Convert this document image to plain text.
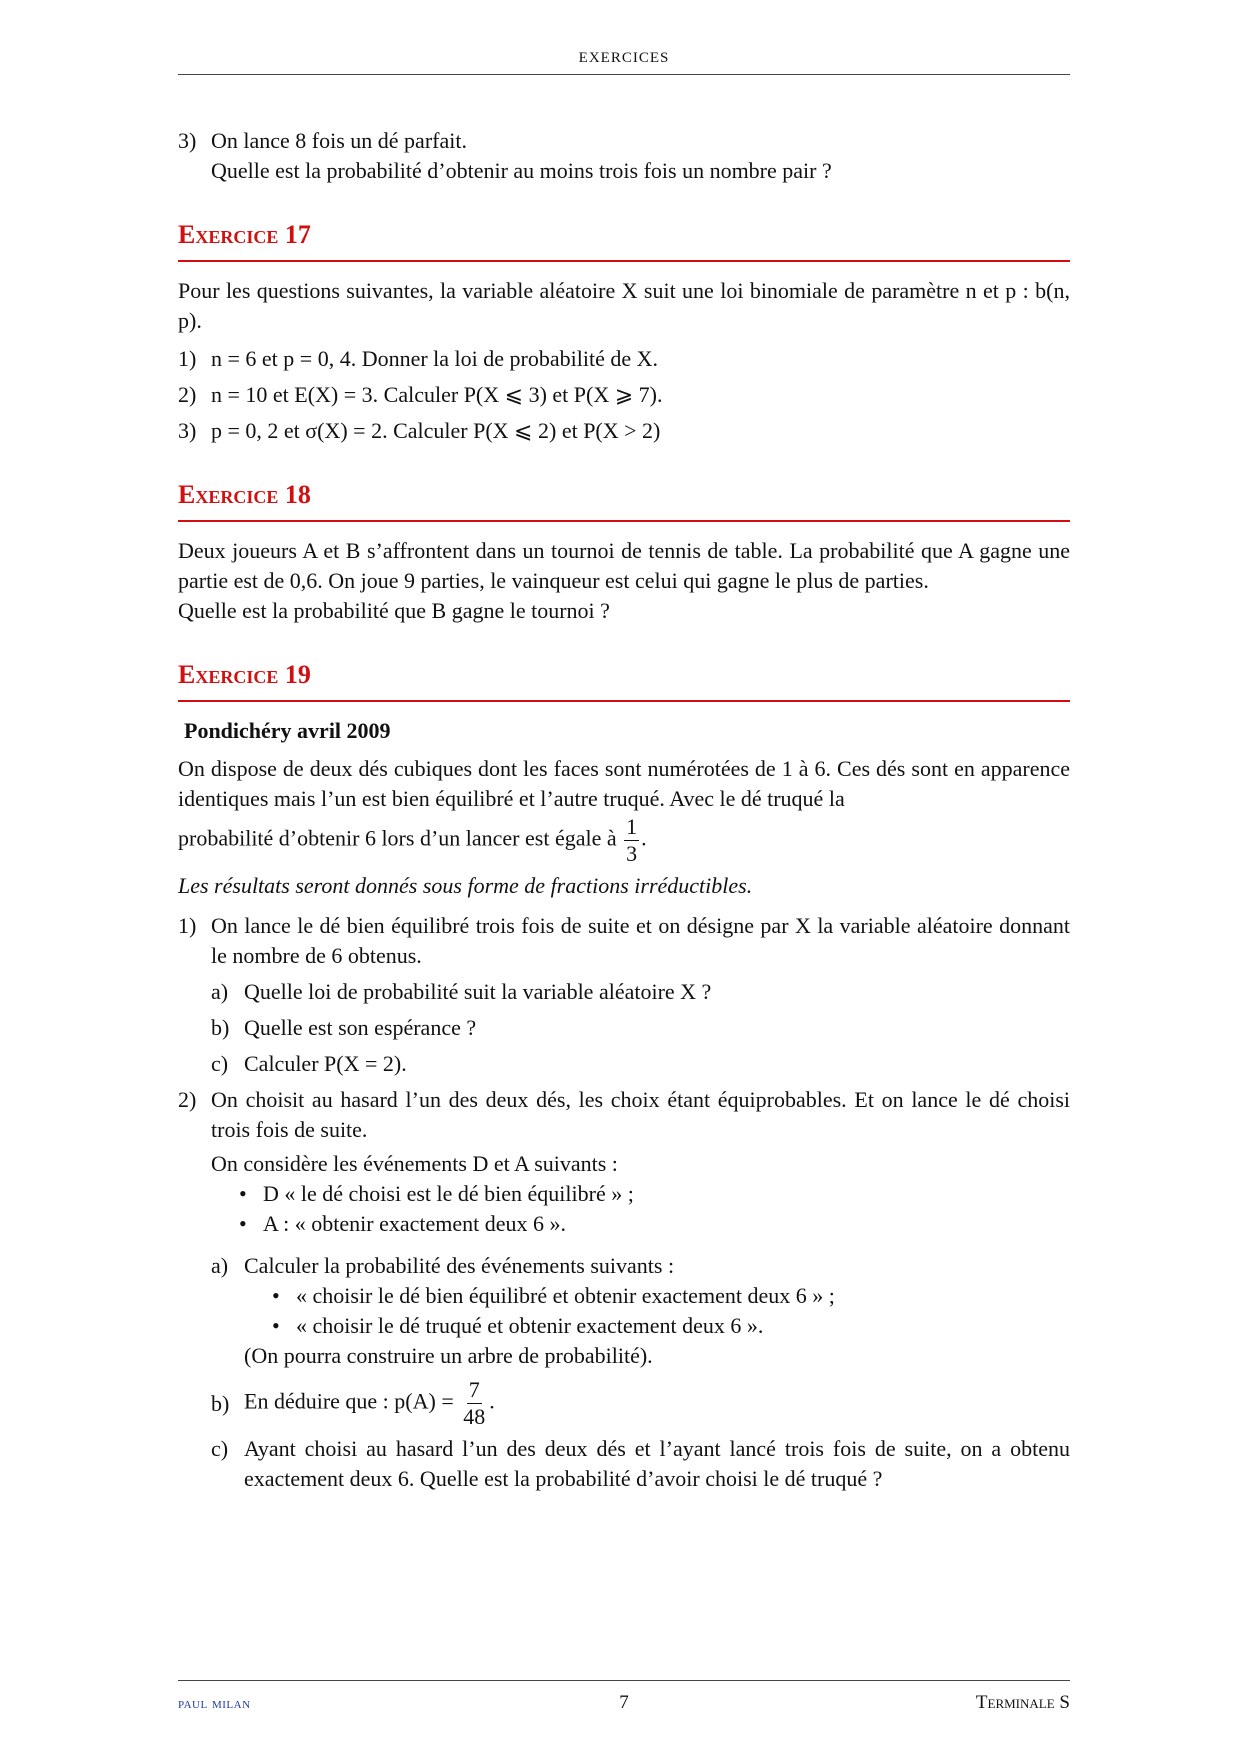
EXERCICES
3) On lance 8 fois un dé parfait.

Quelle est la probabilité d’obtenir au moins trois fois un nombre pair ?

Exercice 17

Pour les questions suivantes, la variable aléatoire X suit une loi binomiale de paramètre n et p : b(n, p).

1) n = 6 et p = 0, 4. Donner la loi de probabilité de X.

2) n = 10 et E(X) = 3. Calculer P(X ⩽ 3) et P(X ⩾ 7).

3) p = 0, 2 et σ(X) = 2. Calculer P(X ⩽ 2) et P(X > 2)

Exercice 18

Deux joueurs A et B s’affrontent dans un tournoi de tennis de table. La probabilité que A gagne une partie est de 0,6. On joue 9 parties, le vainqueur est celui qui gagne le plus de parties.

Quelle est la probabilité que B gagne le tournoi ?

Exercice 19

Pondichéry avril 2009

On dispose de deux dés cubiques dont les faces sont numérotées de 1 à 6. Ces dés sont en apparence identiques mais l’un est bien équilibré et l’autre truqué. Avec le dé truqué la

probabilité d’obtenir 6 lors d’un lancer est égale à $\frac{1}{3}$ .

Les résultats seront donnés sous forme de fractions irréductibles.

1) On lance le dé bien équilibré trois fois de suite et on désigne par X la variable aléatoire donnant le nombre de 6 obtenus.

a) Quelle loi de probabilité suit la variable aléatoire X ?

b) Quelle est son espérance ?

c) Calculer P(X = 2).

2) On choisit au hasard l’un des deux dés, les choix étant équiprobables. Et on lance le dé choisi trois fois de suite.

On considère les événements D et A suivants :

• D « le dé choisi est le dé bien équilibré » ;
• A : « obtenir exactement deux 6 ».
a) Calculer la probabilité des événements suivants :

• « choisir le dé bien équilibré et obtenir exactement deux 6 » ;
• « choisir le dé truqué et obtenir exactement deux 6 ».

(On pourra construire un arbre de probabilité).

b) En déduire que : $p(A) = \frac{7}{48}$ .

c) Ayant choisi au hasard l’un des deux dés et l’ayant lancé trois fois de suite, on a obtenu exactement deux 6. Quelle est la probabilité d’avoir choisi le dé truqué ?

paul milan	7	Terminale S
